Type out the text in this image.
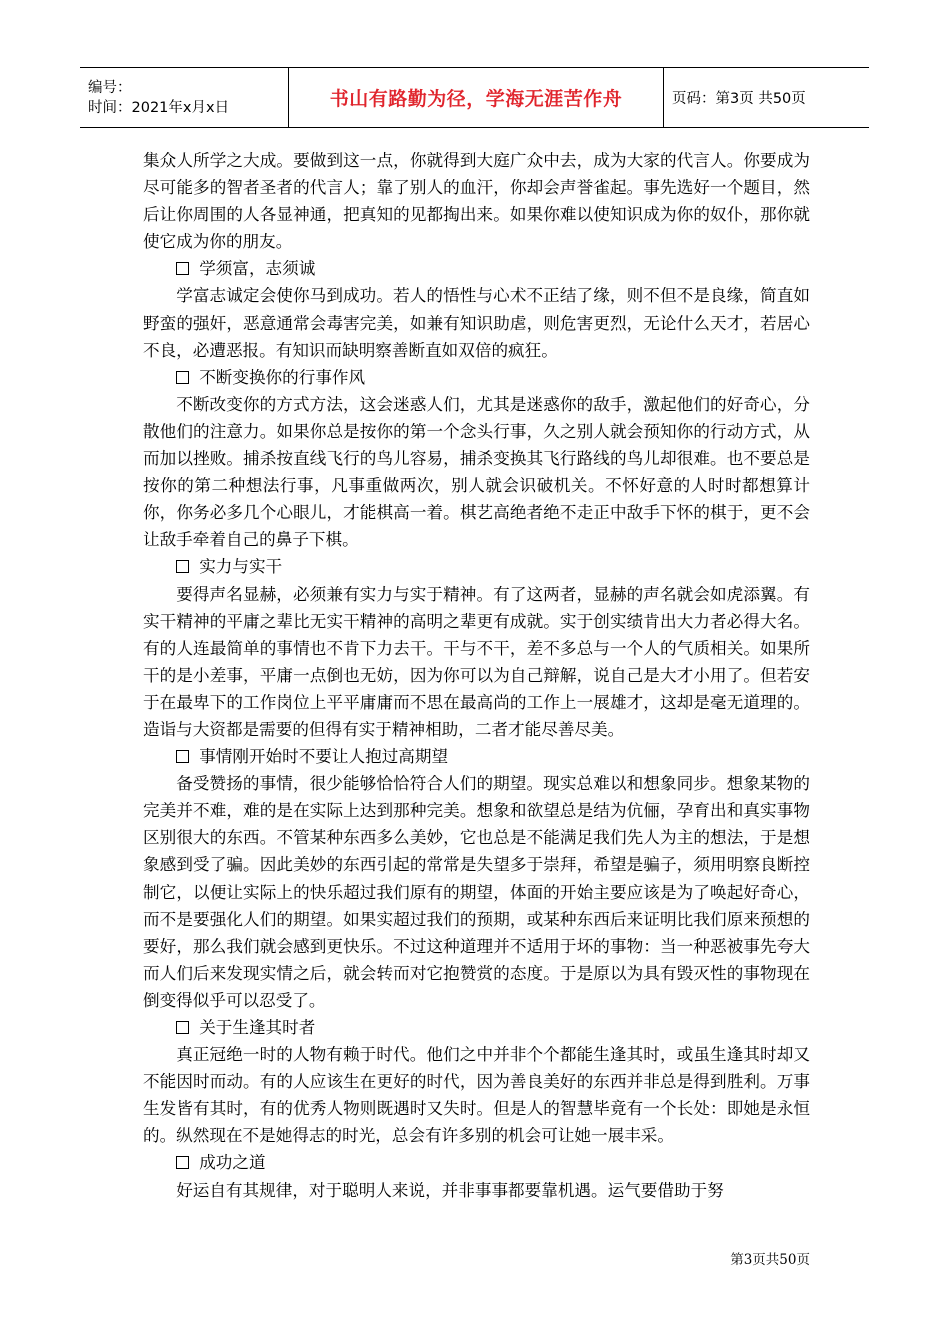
编号：
时间：2021年x月x日	书山有路勤为径，学海无涯苦作舟	页码：第3页 共50页

集众人所学之大成。要做到这一点，你就得到大庭广众中去，成为大家的代言人。你要成为尽可能多的智者圣者的代言人；靠了别人的血汗，你却会声誉雀起。事先选好一个题目，然后让你周围的人各显神通，把真知的见都掏出来。如果你难以使知识成为你的奴仆，那你就使它成为你的朋友。

学须富，志须诚

学富志诚定会使你马到成功。若人的悟性与心术不正结了缘，则不但不是良缘，简直如野蛮的强奸，恶意通常会毒害完美，如兼有知识助虐，则危害更烈，无论什么天才，若居心不良，必遭恶报。有知识而缺明察善断直如双倍的疯狂。

不断变换你的行事作风

不断改变你的方式方法，这会迷惑人们，尤其是迷惑你的敌手，激起他们的好奇心，分散他们的注意力。如果你总是按你的第一个念头行事，久之别人就会预知你的行动方式，从而加以挫败。捕杀按直线飞行的鸟儿容易，捕杀变换其飞行路线的鸟儿却很难。也不要总是按你的第二种想法行事，凡事重做两次，别人就会识破机关。不怀好意的人时时都想算计你，你务必多几个心眼儿，才能棋高一着。棋艺高绝者绝不走正中敌手下怀的棋于，更不会让敌手牵着自己的鼻子下棋。

实力与实干

要得声名显赫，必须兼有实力与实于精神。有了这两者，显赫的声名就会如虎添翼。有实干精神的平庸之辈比无实干精神的高明之辈更有成就。实于创实绩肯出大力者必得大名。有的人连最简单的事情也不肯下力去干。干与不干，差不多总与一个人的气质相关。如果所干的是小差事，平庸一点倒也无妨，因为你可以为自己辩解，说自己是大才小用了。但若安于在最卑下的工作岗位上平平庸庸而不思在最高尚的工作上一展雄才，这却是毫无道理的。造诣与大资都是需要的但得有实于精神相助，二者才能尽善尽美。

事情刚开始时不要让人抱过高期望

备受赞扬的事情，很少能够恰恰符合人们的期望。现实总难以和想象同步。想象某物的完美并不难，难的是在实际上达到那种完美。想象和欲望总是结为伉俪，孕育出和真实事物区别很大的东西。不管某种东西多么美妙，它也总是不能满足我们先人为主的想法，于是想象感到受了骗。因此美妙的东西引起的常常是失望多于崇拜，希望是骗子，须用明察良断控制它，以便让实际上的快乐超过我们原有的期望，体面的开始主要应该是为了唤起好奇心，而不是要强化人们的期望。如果实超过我们的预期，或某种东西后来证明比我们原来预想的要好，那么我们就会感到更快乐。不过这种道理并不适用于坏的事物：当一种恶被事先夸大而人们后来发现实情之后，就会转而对它抱赞赏的态度。于是原以为具有毁灭性的事物现在倒变得似乎可以忍受了。

关于生逢其时者

真正冠绝一时的人物有赖于时代。他们之中并非个个都能生逢其时，或虽生逢其时却又不能因时而动。有的人应该生在更好的时代，因为善良美好的东西并非总是得到胜利。万事生发皆有其时，有的优秀人物则既遇时又失时。但是人的智慧毕竟有一个长处：即她是永恒的。纵然现在不是她得志的时光，总会有许多别的机会可让她一展丰采。

成功之道

好运自有其规律，对于聪明人来说，并非事事都要靠机遇。运气要借助于努

第3页共50页
